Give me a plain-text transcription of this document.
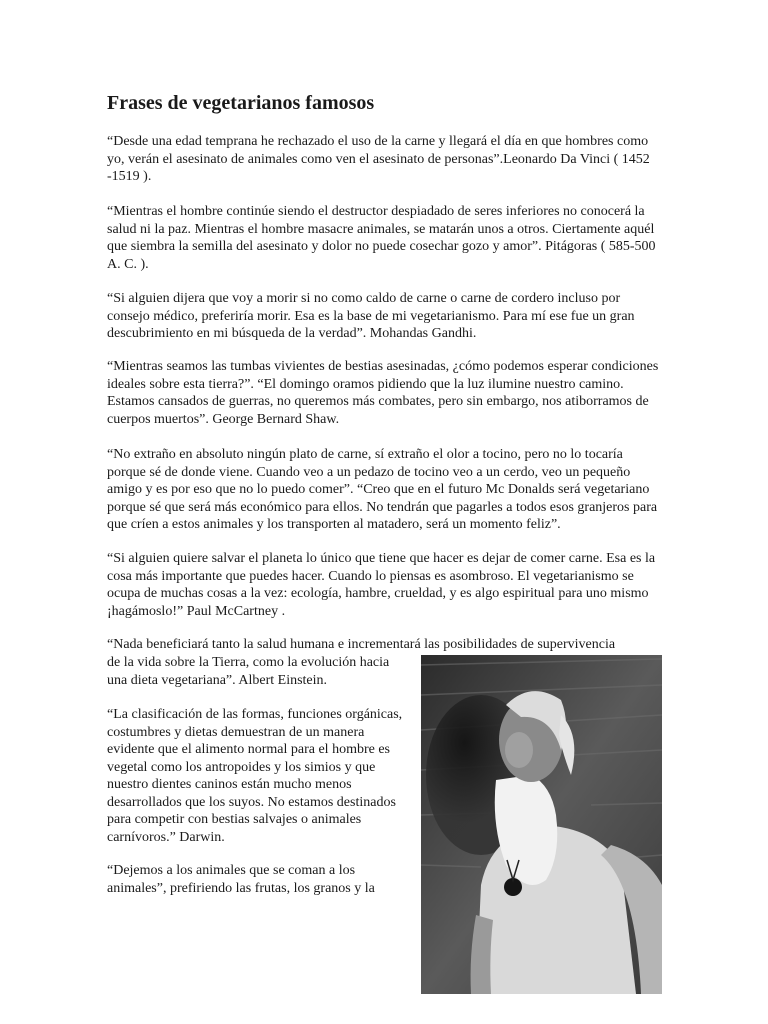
Frases de vegetarianos famosos

“Desde una edad temprana he rechazado el uso de la carne y llegará el día en que hombres como yo, verán el asesinato de animales como ven el asesinato de personas”.Leonardo Da Vinci ( 1452 -1519 ).

“Mientras el hombre continúe siendo el destructor despiadado de seres inferiores no conocerá la salud ni la paz. Mientras el hombre masacre animales, se matarán unos a otros. Ciertamente aquél que siembra la semilla del asesinato y dolor no puede cosechar gozo y amor”. Pitágoras ( 585-500 A. C. ).

“Si alguien dijera que voy a morir si no como caldo de carne o carne de cordero incluso por consejo médico, preferiría morir. Esa es la base de mi vegetarianismo. Para mí ese fue un gran descubrimiento en mi búsqueda de la verdad”. Mohandas Gandhi.

“Mientras seamos las tumbas vivientes de bestias asesinadas, ¿cómo podemos esperar condiciones ideales sobre esta tierra?”. “El domingo oramos pidiendo que la luz ilumine nuestro camino. Estamos cansados de guerras, no queremos más combates, pero sin embargo, nos atiborramos de cuerpos muertos”. George Bernard Shaw.

“No extraño en absoluto ningún plato de carne, sí extraño el olor a tocino, pero no lo tocaría porque sé de donde viene. Cuando veo a un pedazo de tocino veo a un cerdo, veo un pequeño amigo y es por eso que no lo puedo comer”. “Creo que en el futuro Mc Donalds será vegetariano porque sé que será más económico para ellos. No tendrán que pagarles a todos esos granjeros para que críen a estos animales y los transporten al matadero, será un momento feliz”.

“Si alguien quiere salvar el planeta lo único que tiene que hacer es dejar de comer carne. Esa es la cosa más importante que puedes hacer. Cuando lo piensas es asombroso. El vegetarianismo se ocupa de muchas cosas a la vez: ecología, hambre, crueldad, y es algo espiritual para uno mismo ¡hagámoslo!” Paul McCartney .

“Nada beneficiará tanto la salud humana e incrementará las posibilidades de supervivencia

de la vida sobre la Tierra, como la evolución hacia una dieta vegetariana”. Albert Einstein.

“La clasificación de las formas, funciones orgánicas, costumbres y dietas demuestran de un manera evidente que el alimento normal para el hombre es vegetal como los antropoides y los simios y que nuestro dientes caninos están mucho menos desarrollados que los suyos. No estamos destinados para competir con bestias salvajes o animales carnívoros.” Darwin.

“Dejemos a los animales que se coman a los animales”, prefiriendo las frutas, los granos y la
